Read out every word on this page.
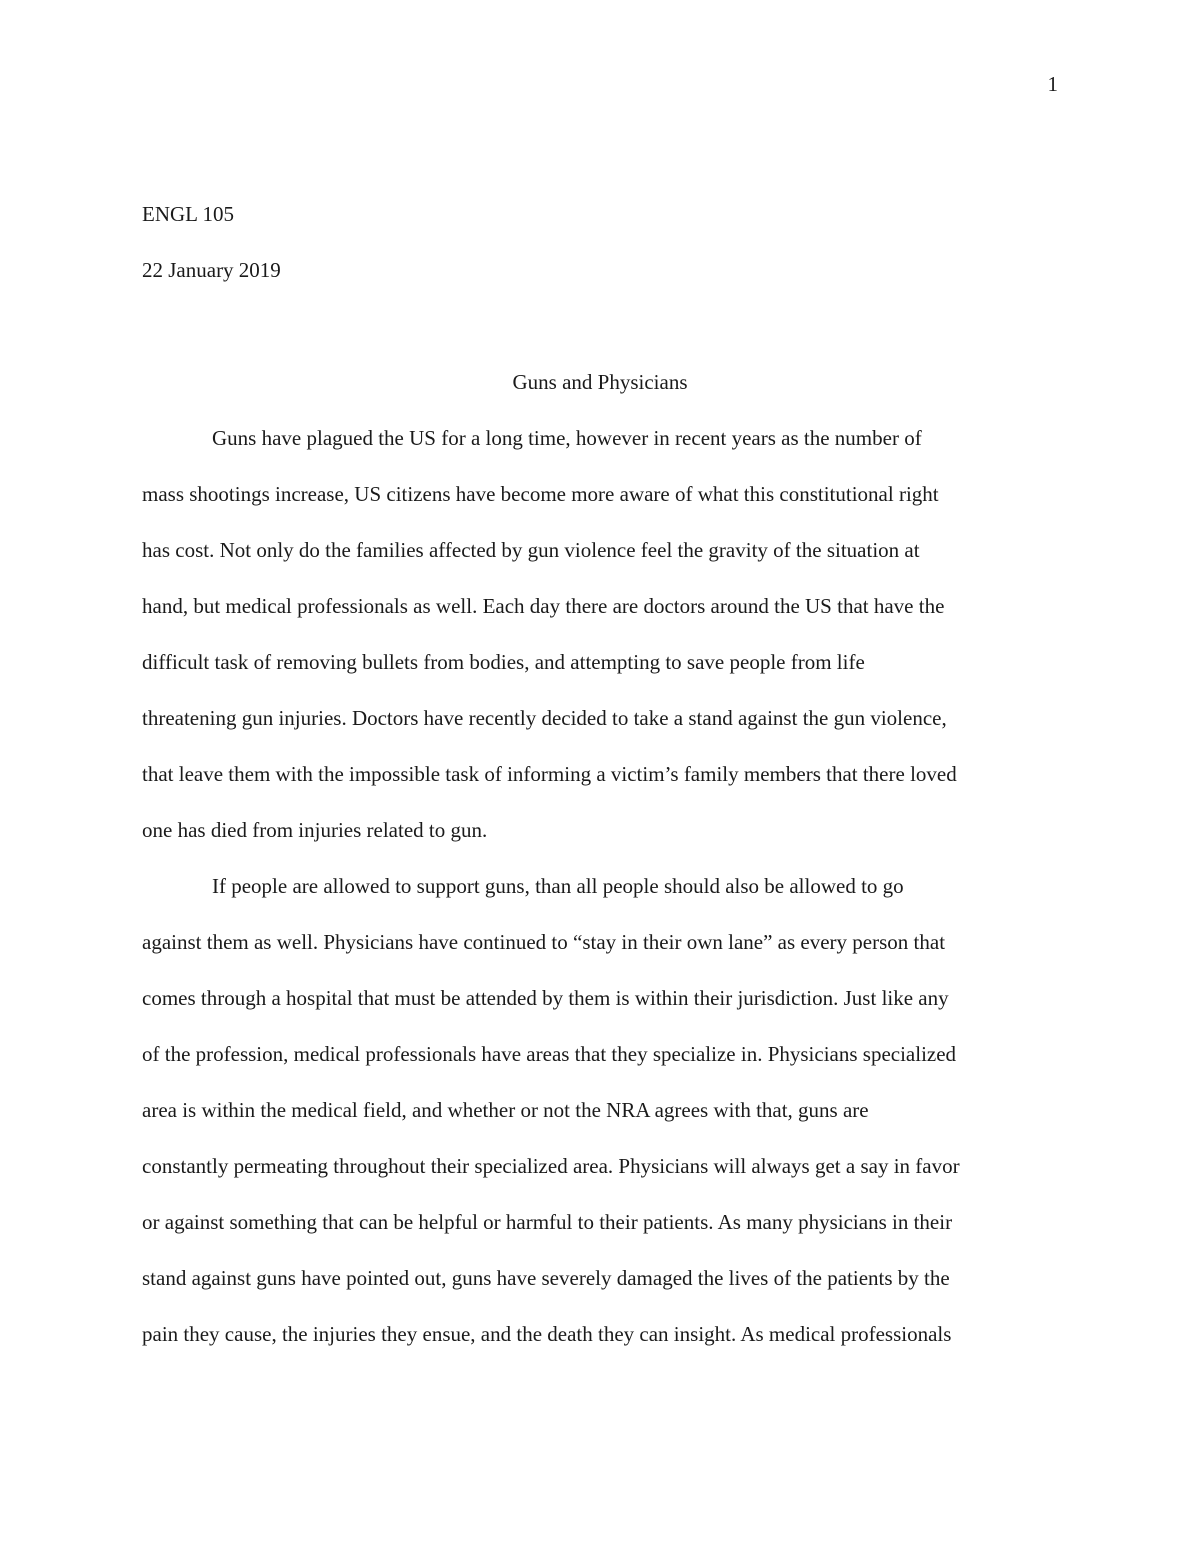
1
ENGL 105
22 January 2019
Guns and Physicians
Guns have plagued the US for a long time, however in recent years as the number of
mass shootings increase, US citizens have become more aware of what this constitutional right
has cost. Not only do the families affected by gun violence feel the gravity of the situation at
hand, but medical professionals as well. Each day there are doctors around the US that have the
difficult task of removing bullets from bodies, and attempting to save people from life
threatening gun injuries. Doctors have recently decided to take a stand against the gun violence,
that leave them with the impossible task of informing a victim’s family members that there loved
one has died from injuries related to gun.
If people are allowed to support guns, than all people should also be allowed to go
against them as well. Physicians have continued to “stay in their own lane” as every person that
comes through a hospital that must be attended by them is within their jurisdiction. Just like any
of the profession, medical professionals have areas that they specialize in. Physicians specialized
area is within the medical field, and whether or not the NRA agrees with that, guns are
constantly permeating throughout their specialized area. Physicians will always get a say in favor
or against something that can be helpful or harmful to their patients. As many physicians in their
stand against guns have pointed out, guns have severely damaged the lives of the patients by the
pain they cause, the injuries they ensue, and the death they can insight. As medical professionals
